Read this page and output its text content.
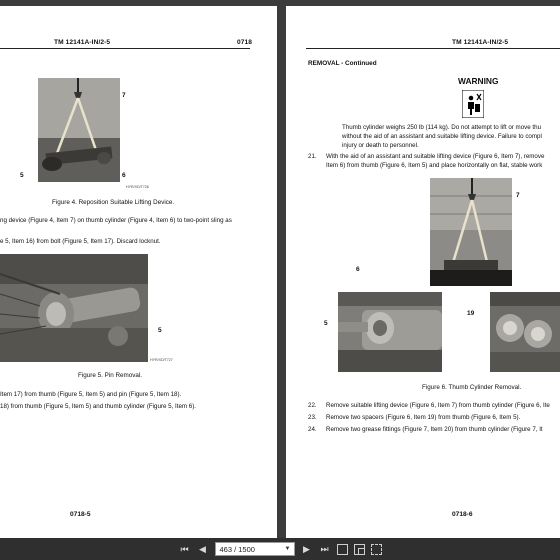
TM 12141A-IN/2-5	0718
7
5	6
HYR/XD/T726
Figure 4. Reposition Suitable Lifting Device.
ng device (Figure 4, Item 7) on thumb cylinder (Figure 4, Item 6) to two-point sling as
e 5, Item 16) from bolt (Figure 5, Item 17). Discard locknut.
5
HYR/XD/T727
Figure 5. Pin Removal.
Item 17) from thumb (Figure 5, Item 5) and pin (Figure 5, Item 18).
18) from thumb (Figure 5, Item 5) and thumb cylinder (Figure 5, Item 6).
0718-5
TM 12141A-IN/2-5
REMOVAL - Continued
WARNING
Thumb cylinder weighs 250 lb (114 kg). Do not attempt to lift or move thu
without the aid of an assistant and suitable lifting device. Failure to compl
injury or death to personnel.
21. With the aid of an assistant and suitable lifting device (Figure 6, Item 7), remove
Item 6) from thumb (Figure 6, Item 5) and place horizontally on flat, stable work
7
6
5
19
Figure 6. Thumb Cylinder Removal.
22. Remove suitable lifting device (Figure 6, Item 7) from thumb cylinder (Figure 6, Ite
23. Remove two spacers (Figure 6, Item 19) from thumb (Figure 6, Item 5).
24. Remove two grease fittings (Figure 7, Item 20) from thumb cylinder (Figure 7, It
0718-6
⏮ ◀	463 / 1500	▼	▶ ⏭
